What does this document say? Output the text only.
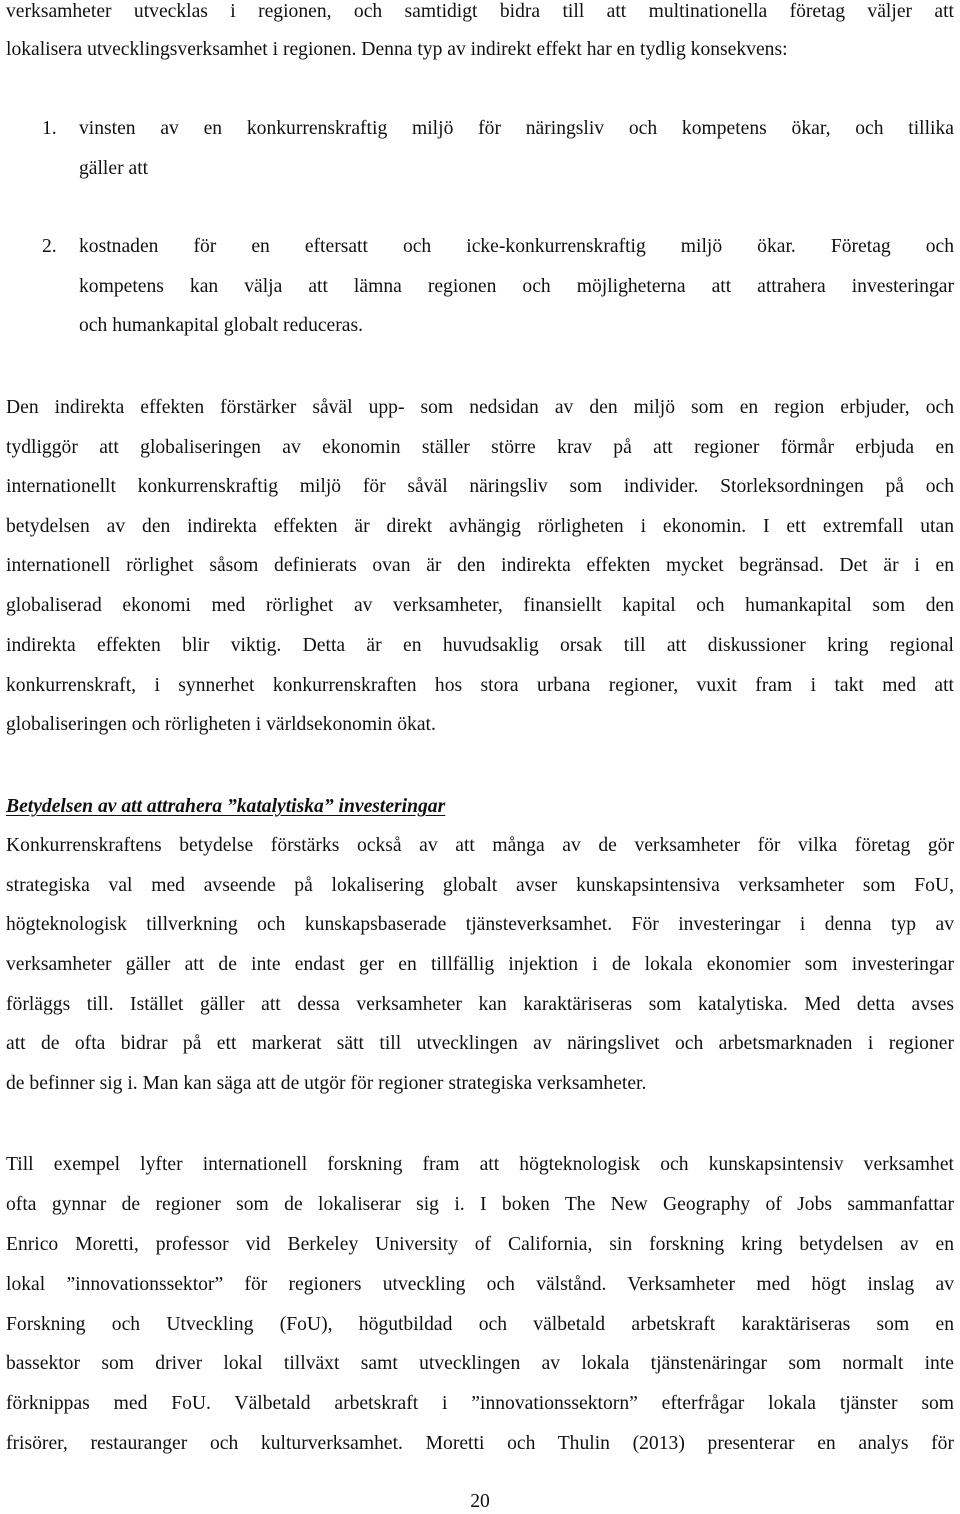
verksamheter utvecklas i regionen, och samtidigt bidra till att multinationella företag väljer att
lokalisera utvecklingsverksamhet i regionen. Denna typ av indirekt effekt har en tydlig konsekvens:
1. vinsten av en konkurrenskraftig miljö för näringsliv och kompetens ökar, och tillika
gäller att
2. kostnaden för en eftersatt och icke-konkurrenskraftig miljö ökar. Företag och
kompetens kan välja att lämna regionen och möjligheterna att attrahera investeringar
och humankapital globalt reduceras.
Den indirekta effekten förstärker såväl upp- som nedsidan av den miljö som en region erbjuder, och
tydliggör att globaliseringen av ekonomin ställer större krav på att regioner förmår erbjuda en
internationellt konkurrenskraftig miljö för såväl näringsliv som individer. Storleksordningen på och
betydelsen av den indirekta effekten är direkt avhängig rörligheten i ekonomin. I ett extremfall utan
internationell rörlighet såsom definierats ovan är den indirekta effekten mycket begränsad. Det är i en
globaliserad ekonomi med rörlighet av verksamheter, finansiellt kapital och humankapital som den
indirekta effekten blir viktig. Detta är en huvudsaklig orsak till att diskussioner kring regional
konkurrenskraft, i synnerhet konkurrenskraften hos stora urbana regioner, vuxit fram i takt med att
globaliseringen och rörligheten i världsekonomin ökat.
Betydelsen av att attrahera ”katalytiska” investeringar
Konkurrenskraftens betydelse förstärks också av att många av de verksamheter för vilka företag gör
strategiska val med avseende på lokalisering globalt avser kunskapsintensiva verksamheter som FoU,
högteknologisk tillverkning och kunskapsbaserade tjänsteverksamhet. För investeringar i denna typ av
verksamheter gäller att de inte endast ger en tillfällig injektion i de lokala ekonomier som investeringar
förläggs till. Istället gäller att dessa verksamheter kan karaktäriseras som katalytiska. Med detta avses
att de ofta bidrar på ett markerat sätt till utvecklingen av näringslivet och arbetsmarknaden i regioner
de befinner sig i. Man kan säga att de utgör för regioner strategiska verksamheter.
Till exempel lyfter internationell forskning fram att högteknologisk och kunskapsintensiv verksamhet
ofta gynnar de regioner som de lokaliserar sig i. I boken The New Geography of Jobs sammanfattar
Enrico Moretti, professor vid Berkeley University of California, sin forskning kring betydelsen av en
lokal ”innovationssektor” för regioners utveckling och välstånd. Verksamheter med högt inslag av
Forskning och Utveckling (FoU), högutbildad och välbetald arbetskraft karaktäriseras som en
bassektor som driver lokal tillväxt samt utvecklingen av lokala tjänstenäringar som normalt inte
förknippas med FoU. Välbetald arbetskraft i ”innovationssektorn” efterfrågar lokala tjänster som
frisörer, restauranger och kulturverksamhet. Moretti och Thulin (2013) presenterar en analys för
20
